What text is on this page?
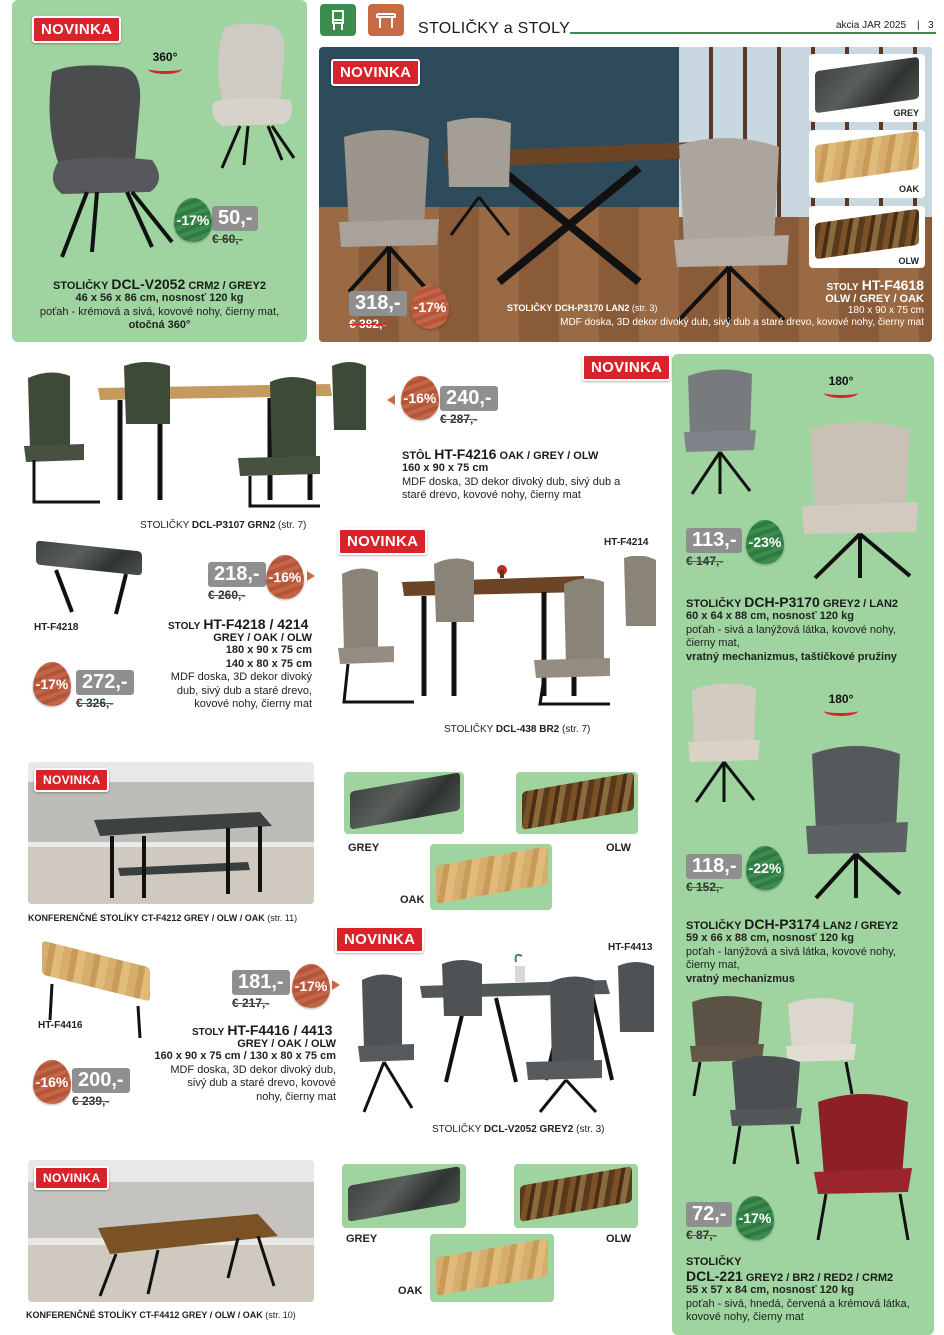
STOLIČKY a STOLY	akcia JAR 2025 | 3
NOVINKA
360°
50,-
€ 60,-
-17%
STOLIČKY DCL-V2052 CRM2 / GREY2
46 x 56 x 86 cm, nosnosť 120 kg
poťah - krémová a sivá, kovové nohy, čierny mat,
otočná 360°
NOVINKA
318,-
€ 382,-
-17%	STOLIČKY DCH-P3170 LAN2 (str. 3)
GREY
OAK
OLW
STOLY HT-F4618
OLW / GREY / OAK
180 x 90 x 75 cm
MDF doska, 3D dekor divoký dub, sivý dub a staré drevo, kovové nohy, čierny mat
180°
113,-
€ 147,-
-23%
STOLIČKY DCH-P3170 GREY2 / LAN2
60 x 64 x 88 cm, nosnosť 120 kg
poťah - sivá a lanýžová látka, kovové nohy, čierny mat,
vratný mechanizmus, taštičkové pružiny
180°
118,-
€ 152,-
-22%
STOLIČKY DCH-P3174 LAN2 / GREY2
59 x 66 x 88 cm, nosnosť 120 kg
poťah - lanýžová a sivá látka, kovové nohy, čierny mat,
vratný mechanizmus
72,-
€ 87,-
-17%
STOLIČKY
DCL-221 GREY2 / BR2 / RED2 / CRM2
55 x 57 x 84 cm, nosnosť 120 kg
poťah - sivá, hnedá, červená a krémová látka, kovové nohy, čierny mat
STOLIČKY DCL-P3107 GRN2 (str. 7)
NOVINKA
-16% 240,-
€ 287,-
STÔL HT-F4216 OAK / GREY / OLW
160 x 90 x 75 cm
MDF doska, 3D dekor divoký dub, sivý dub a staré drevo, kovové nohy, čierny mat
HT-F4218
218,-
€ 260,-
-16%
-17% 272,-
€ 326,-
STOLY HT-F4218 / 4214
GREY / OAK / OLW
180 x 90 x 75 cm
140 x 80 x 75 cm
MDF doska, 3D dekor divoký dub, sivý dub a staré drevo, kovové nohy, čierny mat
NOVINKA	HT-F4214
STOLIČKY DCL-438 BR2 (str. 7)
NOVINKA
GREY	OLW
OAK
KONFERENČNÉ STOLÍKY CT-F4212 GREY / OLW / OAK (str. 11)
HT-F4416
181,-
€ 217,-
-17%
-16% 200,-
€ 239,-
STOLY HT-F4416 / 4413
GREY / OAK / OLW
160 x 90 x 75 cm / 130 x 80 x 75 cm
MDF doska, 3D dekor divoký dub, sivý dub a staré drevo, kovové nohy, čierny mat
NOVINKA	HT-F4413
STOLIČKY DCL-V2052 GREY2 (str. 3)
NOVINKA
GREY	OLW
OAK
KONFERENČNÉ STOLÍKY CT-F4412 GREY / OLW / OAK (str. 10)
